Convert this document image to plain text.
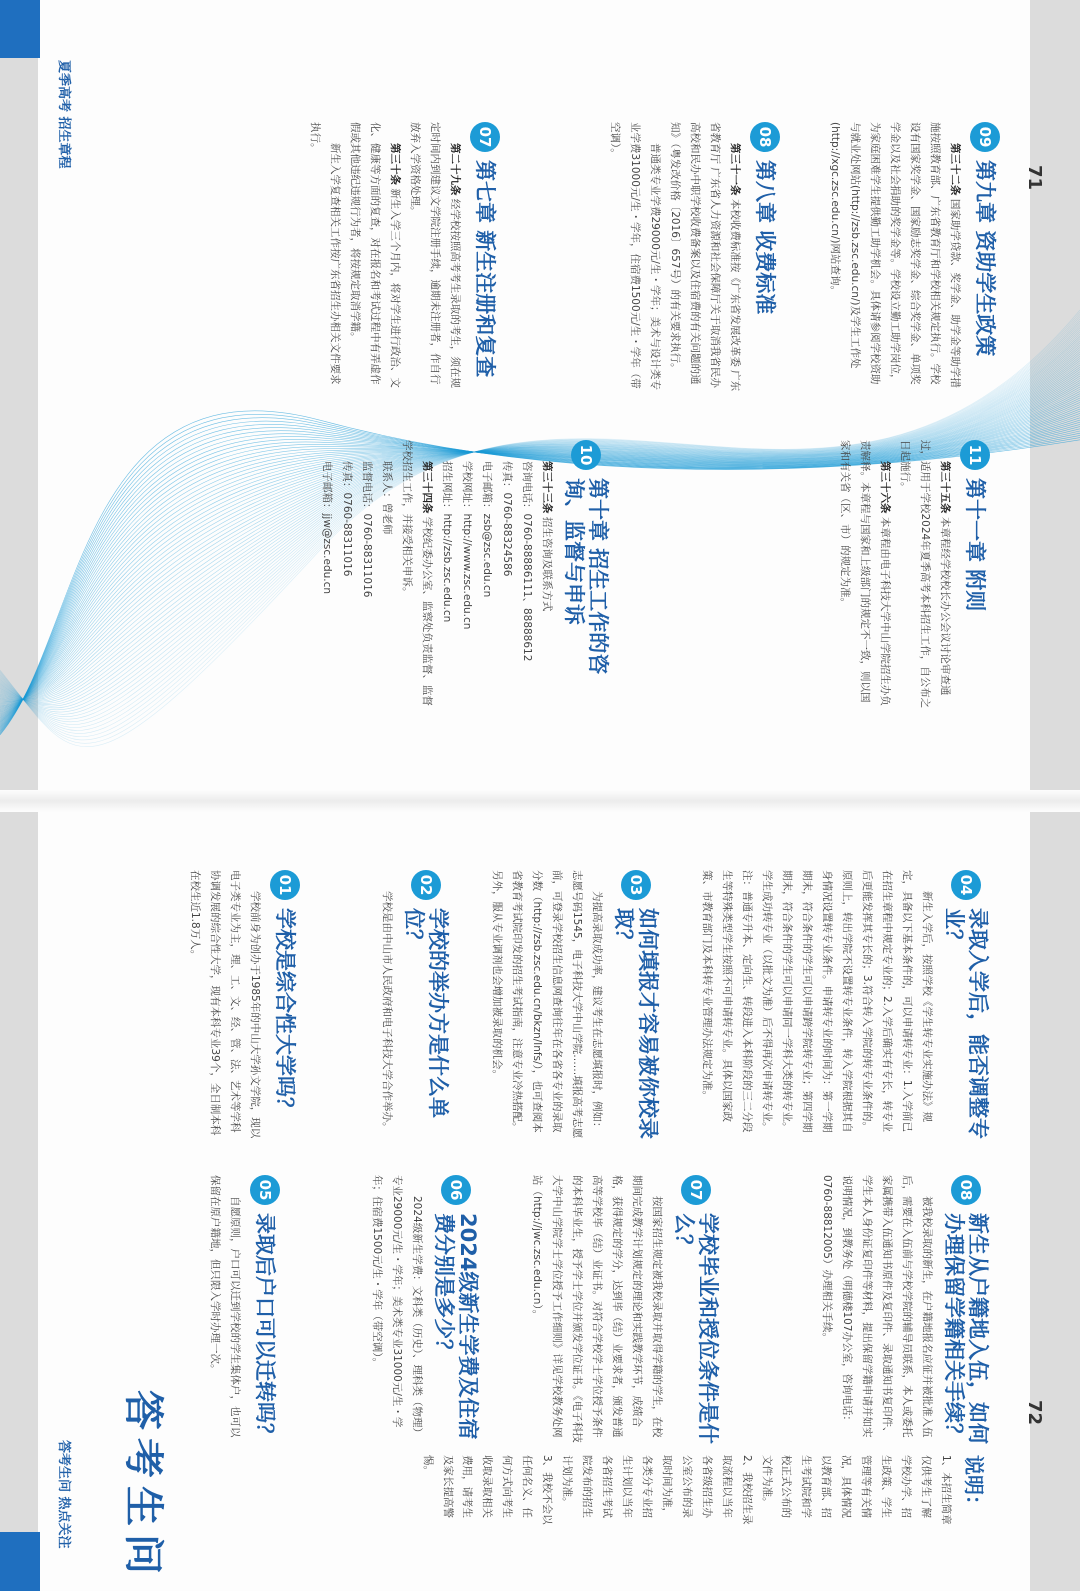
夏季高考 招生章程
71
07
第七章 新生注册和复查

第二十九条 经学校按照高考考生录取的考生，须在规定时间内到建议文学院注册手续，逾期未注册者，作自行放弃入学资格处理。

第三十条 新生入学三个月内，将对学生进行政治、文化、健康等方面的复查，对在报名和考试过程中有弄虚作假或其他违纪违规行为者，将按规定取消学籍。

新生入学复查相关工作按广东省招生办相关文件要求执行。	08
第八章 收费标准

第三十一条 本校收费标准按《广东省发展改革委 广东省教育厅 广东省人力资源和社会保障厅关于取消我省民办高校和民办中职学校收费备案以及住宿费的有关问题的通知》（粤发改价格〔2016〕657号）的有关要求执行。

普通类专业学费29000元/生・学年；美术与设计类专业学费31000元/生・学年，住宿费1500元/生・学年（带空调）。	09
第九章 资助学生政策

第三十二条 国家助学贷款、奖学金、助学金等助学措施按照教育部、广东省教育厅和学校相关规定执行。学校设有国家奖学金、国家励志奖学金、综合奖学金、单项奖学金以及社会捐助的奖学金等。学校设立勤工助学岗位，为家庭困难学生提供勤工助学机会。具体请参阅学校资助与就业处网站(http://zsb.zsc.edu.cn/)及学生工作处(http://xgc.zsc.edu.cn/)网站查询。

10
第十章 招生工作的咨询、监督与申诉

第三十三条 招生咨询及联系方式

咨询电话：0760-88886111、88888612

传真：0760-88324586

电子邮箱：zsb@zsc.edu.cn

学校网址：http://www.zsc.edu.cn

招生网址：http://zsb.zsc.edu.cn

第三十四条 学校纪委办公室、监察处负责监督、监督学校招生工作，并接受相关申诉。

联系人：曾老师

监督电话：0760-88311016

传真：0760-88311016

电子邮箱：jjw@zsc.edu.cn

11
第十一章 附则

第三十五条 本章程经学校校长办公会议讨论审查通过，适用于学校2024年夏季高考本科招生工作，自公布之日起施行。

第三十六条 本章程由电子科技大学中山学院招生办负责解释。本章程与国家和上级部门的规定不一致，则以国家和有关省（区、市）的规定为准。

答考生问
答考生问 热点关注
72
01
学校是综合性大学吗？
学校前身为创办于1985年的中山大学孙文学院，现以电子类专业为主，理、工、文、经、管、法、艺术等学科协调发展的综合性大学，现有本科专业39个，全日制本科在校生近1.8万人。	02
学校的举办方是什么单位？
学校是由中山市人民政府和电子科技大学合作举办。
03
如何填报才容易被你校录取？
为提高录取成功率，建议考生在志愿填报时，例如：志愿号码1545，电子科技大学中山学院……填报高考志愿前，可登录学校招生信息网查询往年在各省各专业的录取分数（http://zsb.zsc.edu.cn/bkzn/lnfs/），也可查阅本省教育考试院印发的招生考试指南，注意专业冷热搭配。另外，服从专业调剂也会增加被录取的机会。	04
录取入学后，能否调整专业？
新生入学后，按照学校《学生转专业实施办法》规定，具备以下基本条件的，可以申请转专业：1.入学前已在招生章程中规定专业的；2.入学后确实有专长，转专业后更能发挥其专长的；3.符合转入学院的转专业条件的。原则上，转出学院不设置转专业条件，转入学院根据其自身情况设置转专业条件。申请转专业的时间为：第一学期期末，符合条件的学生可以申请跨学院转专业；第四学期期末，符合条件的学生可以申请同一学科大类的转专业。学生成功转专业（以批文为准）后不得再次申请转专业。注：普通专升本、定向生、转段进入本科阶段的三二分段生等特殊类型学生按照不可申请转专业。具体以国家政策、市教育部门及本科转专业管理办法规定为准。
05
录取后户口可以迁转吗？
自愿原则，户口可以迁到学校的学生集体户，也可以保留在原户籍地，但只限入学时办理一次。	06
2024级新生学费及住宿费分别是多少？
2024级新生学费：文科类（历史）、理科类（物理）专业29000元/生・学年；美术类专业31000元/生・学年；住宿费1500元/生・学年（带空调）。	07
学校毕业和授位条件是什么？
按国家招生规定被我校录取并取得学籍的学生，在校期间完成教学计划规定的理论和实践教学环节，成绩合格，获得规定的学分，达到毕（结）业要求者，颁发普通高等学校毕（结）业证书。对符合学校学士学位授予条件的本科毕业生，授予学士学位并颁发学位证书。《电子科技大学中山学院学士学位授予工作细则》详见学校教务处网站（http://jwc.zsc.edu.cn）。	08
新生从户籍地入伍，如何办理保留学籍相关手续？
被我校录取的新生，在户籍地报名应征并被批准入伍后，需要在入伍前与学校学院的辅导员联系，本人或委托家属携带入伍通知书原件及复印件、录取通知书复印件、学生本人身份证复印件等材料，提出保留学籍申请并如实说明情况，到教务处（明德楼107办公室，咨询电话：0760-88812005）办理相关手续。
说明：

1、本招生简章仅供考生了解学校办学、招生政策、学生管理等有关情况，具体情况以教育部、招生考试院和学校正式公布的文件为准。

2、我校招生录取流程以当年各省级招生办公室公布的录取时间为准，各类分专业招生计划以当年各省招生考试院发布的招生计划为准。

3、我校不会以任何名义、任何方式向考生收取录取相关费用，请考生及家长提高警惕。
